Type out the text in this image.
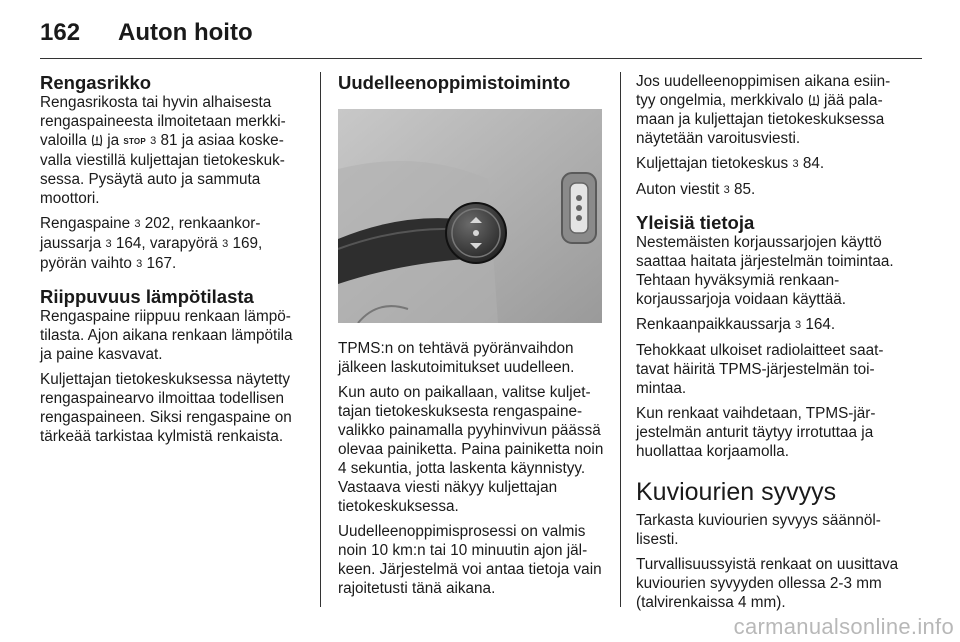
162	Auton hoito
Rengasrikko

Rengasrikosta tai hyvin alhaisesta rengaspaineesta ilmoitetaan merkkivaloilla  ja STOP 3 81 ja asiaa koskevalla viestillä kuljettajan tietokeskuksessa. Pysäytä auto ja sammuta moottori.

Rengaspaine 3 202, renkaankorjaussarja 3 164, varapyörä 3 169, pyörän vaihto 3 167.

Riippuvuus lämpötilasta

Rengaspaine riippuu renkaan lämpötilasta. Ajon aikana renkaan lämpötila ja paine kasvavat.

Kuljettajan tietokeskuksessa näytetty rengaspainearvo ilmoittaa todellisen rengaspaineen. Siksi rengaspaine on tärkeää tarkistaa kylmistä renkaista.

Uudelleenoppimistoiminto

TPMS:n on tehtävä pyöränvaihdon jälkeen laskutoimitukset uudelleen.

Kun auto on paikallaan, valitse kuljettajan tietokeskuksesta rengaspainevalikko painamalla pyyhinvivun päässä olevaa painiketta. Paina painiketta noin 4 sekuntia, jotta laskenta käynnistyy. Vastaava viesti näkyy kuljettajan tietokeskuksessa.

Uudelleenoppimisprosessi on valmis noin 10 km:n tai 10 minuutin ajon jälkeen. Järjestelmä voi antaa tietoja vain rajoitetusti tänä aikana.

Jos uudelleenoppimisen aikana esiintyy ongelmia, merkkivalo  jää palamaan ja kuljettajan tietokeskuksessa näytetään varoitusviesti.

Kuljettajan tietokeskus 3 84.

Auton viestit 3 85.

Yleisiä tietoja

Nestemäisten korjaussarjojen käyttö saattaa haitata järjestelmän toimintaa. Tehtaan hyväksymiä renkaankorjaussarjoja voidaan käyttää.

Renkaanpaikkaussarja 3 164.

Tehokkaat ulkoiset radiolaitteet saattavat häiritä TPMS-järjestelmän toimintaa.

Kun renkaat vaihdetaan, TPMS-järjestelmän anturit täytyy irrotuttaa ja huollattaa korjaamolla.

Kuviourien syvyys

Tarkasta kuviourien syvyys säännöllisesti.

Turvallisuussyistä renkaat on uusittava kuviourien syvyyden ollessa 2-3 mm (talvirenkaissa 4 mm).

carmanualsonline.info
